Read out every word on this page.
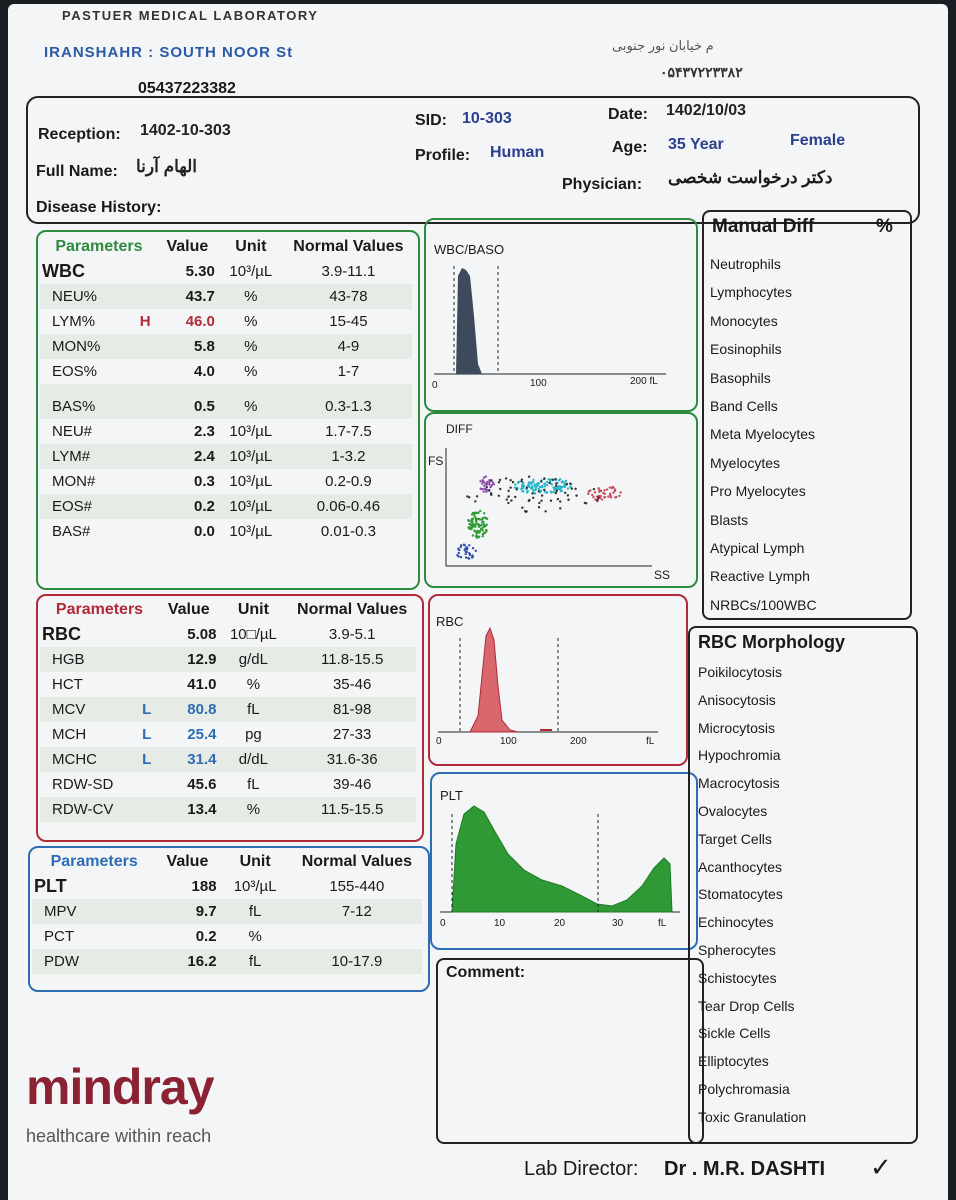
PASTUER MEDICAL LABORATORY
IRANSHAHR : SOUTH NOOR St
05437223382
م خیابان نور جنوبی
۰۵۴۳۷۲۲۳۳۸۲
Reception: 1402-10-303
SID: 10-303	Date: 1402/10/03
Full Name: الهام آرنا
Profile: Human	Age: 35 Year	Female
Physician: دکتر درخواست شخصی
Disease History:
Parameters		Value	Unit	Normal Values
WBC		5.30	10³/µL	3.9-11.1
NEU%		43.7	%	43-78
LYM%	H	46.0	%	15-45
MON%		5.8	%	4-9
EOS%		4.0	%	1-7
BAS%		0.5	%	0.3-1.3
NEU#		2.3	10³/µL	1.7-7.5
LYM#		2.4	10³/µL	1-3.2
MON#		0.3	10³/µL	0.2-0.9
EOS#		0.2	10³/µL	0.06-0.46
BAS#		0.0	10³/µL	0.01-0.3
Parameters		Value	Unit	Normal Values
RBC		5.08	10□/µL	3.9-5.1
HGB		12.9	g/dL	11.8-15.5
HCT		41.0	%	35-46
MCV	L	80.8	fL	81-98
MCH	L	25.4	pg	27-33
MCHC	L	31.4	d/dL	31.6-36
RDW-SD		45.6	fL	39-46
RDW-CV		13.4	%	11.5-15.5
Parameters		Value	Unit	Normal Values
PLT		188	10³/µL	155-440
MPV		9.7	fL	7-12
PCT		0.2	%	
PDW		16.2	fL	10-17.9
WBC/BASO
0	100	200 fL
DIFF
FS
SS
RBC
0	100	200	fL
PLT
0	10	20	30	fL
Comment:
Manual Diff	%
Neutrophils
Lymphocytes
Monocytes
Eosinophils
Basophils
Band Cells
Meta Myelocytes
Myelocytes
Pro Myelocytes
Blasts
Atypical Lymph
Reactive Lymph
NRBCs/100WBC
RBC Morphology
Poikilocytosis
Anisocytosis
Microcytosis
Hypochromia
Macrocytosis
Ovalocytes
Target Cells
Acanthocytes
Stomatocytes
Echinocytes
Spherocytes
Schistocytes
Tear Drop Cells
Sickle Cells
Elliptocytes
Polychromasia
Toxic Granulation
mindray
healthcare within reach
Lab Director: Dr . M.R. DASHTI ✓
